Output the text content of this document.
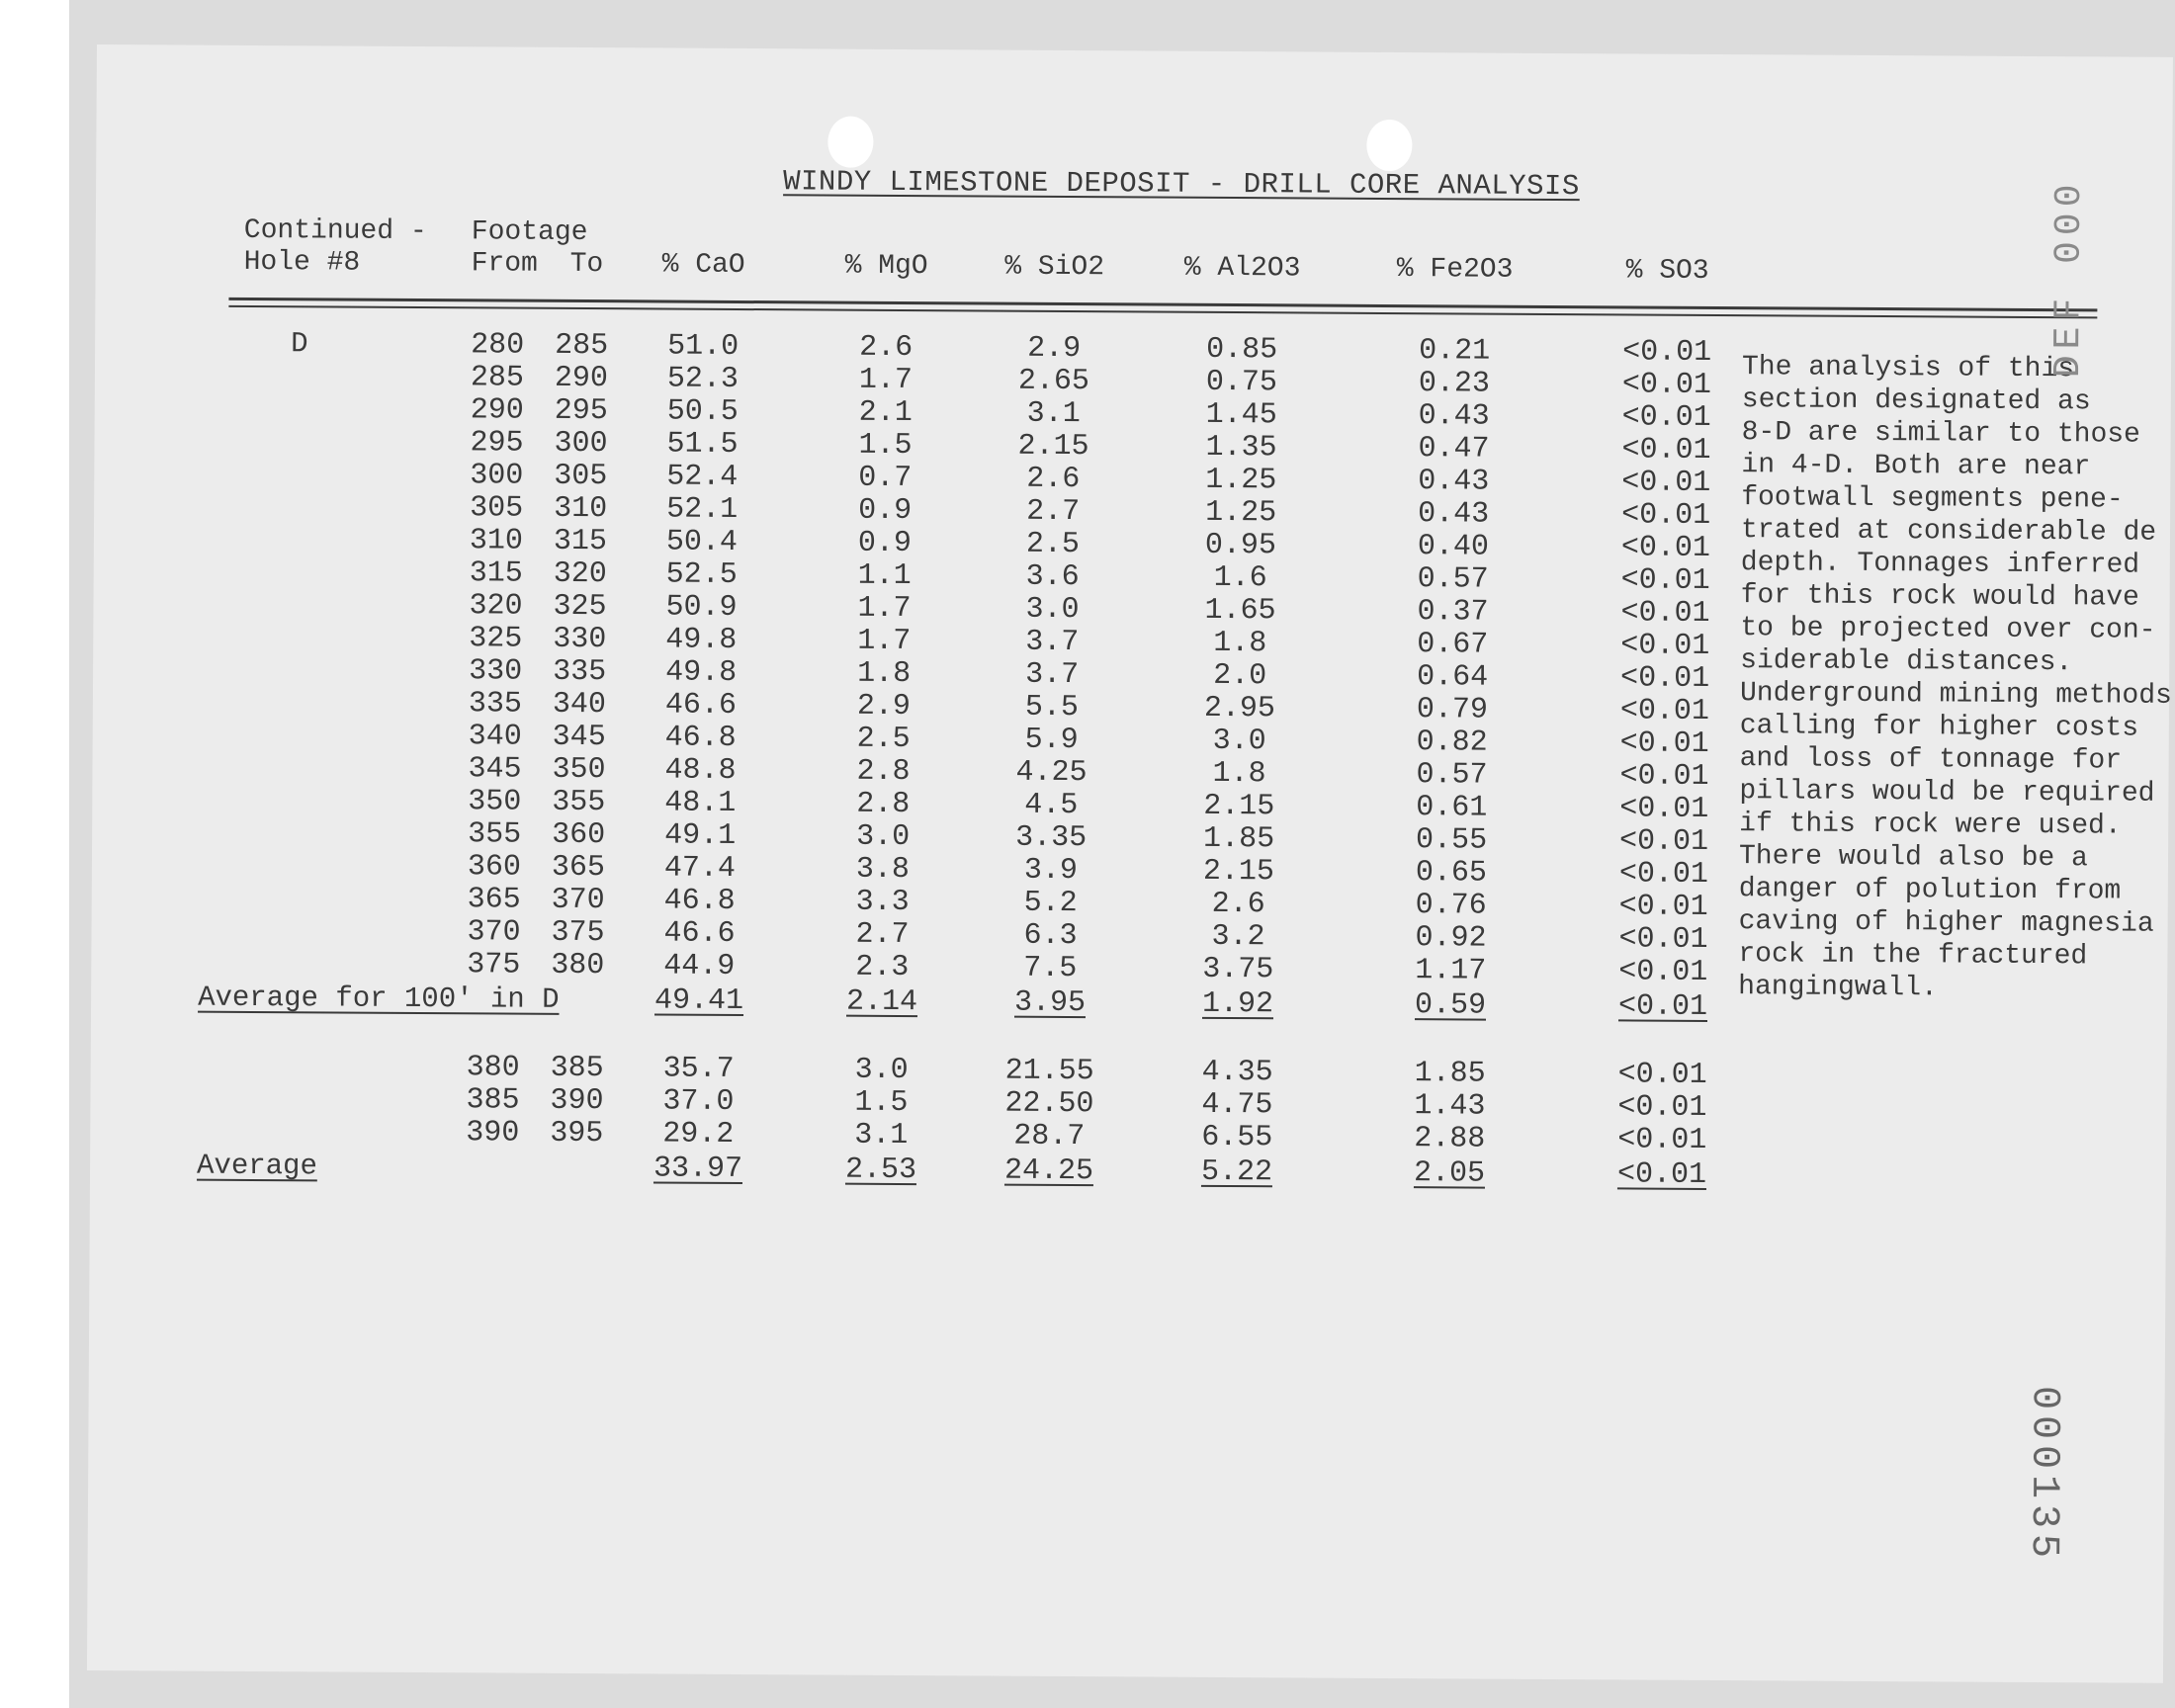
WINDY LIMESTONE DEPOSIT - DRILL CORE ANALYSIS
Continued -
Hole #8
Footage
From To % CaO	% MgO	% SiO2	% Al2O3	% Fe2O3	% SO3
D	280 285 51.0	2.6	2.9	0.85	0.21	<0.01
285 290 52.3	1.7	2.65	0.75	0.23	<0.01
290 295 50.5	2.1	3.1	1.45	0.43	<0.01
295 300 51.5	1.5	2.15	1.35	0.47	<0.01
300 305 52.4	0.7	2.6	1.25	0.43	<0.01
305 310 52.1	0.9	2.7	1.25	0.43	<0.01
310 315 50.4	0.9	2.5	0.95	0.40	<0.01
315 320 52.5	1.1	3.6	1.6	0.57	<0.01
320 325 50.9	1.7	3.0	1.65	0.37	<0.01
325 330 49.8	1.7	3.7	1.8	0.67	<0.01
330 335 49.8	1.8	3.7	2.0	0.64	<0.01
335 340 46.6	2.9	5.5	2.95	0.79	<0.01
340 345 46.8	2.5	5.9	3.0	0.82	<0.01
345 350 48.8	2.8	4.25	1.8	0.57	<0.01
350 355 48.1	2.8	4.5	2.15	0.61	<0.01
355 360 49.1	3.0	3.35	1.85	0.55	<0.01
360 365 47.4	3.8	3.9	2.15	0.65	<0.01
365 370 46.8	3.3	5.2	2.6	0.76	<0.01
370 375 46.6	2.7	6.3	3.2	0.92	<0.01
375 380 44.9	2.3	7.5	3.75	1.17	<0.01
Average for 100' in D	49.41	2.14	3.95	1.92	0.59	<0.01
380 385 35.7	3.0	21.55	4.35	1.85	<0.01
385 390 37.0	1.5	22.50	4.75	1.43	<0.01
390 395 29.2	3.1	28.7	6.55	2.88	<0.01
Average	33.97	2.53	24.25	5.22	2.05	<0.01
The analysis of this
section designated as
8-D are similar to those
in 4-D. Both are near
footwall segments pene-
trated at considerable de
depth. Tonnages inferred
for this rock would have
to be projected over con-
siderable distances.
Underground mining methods
calling for higher costs
and loss of tonnage for
pillars would be required
if this rock were used.
There would also be a
danger of polution from
caving of higher magnesia
rock in the fractured
hangingwall.
DEF 000
000135
